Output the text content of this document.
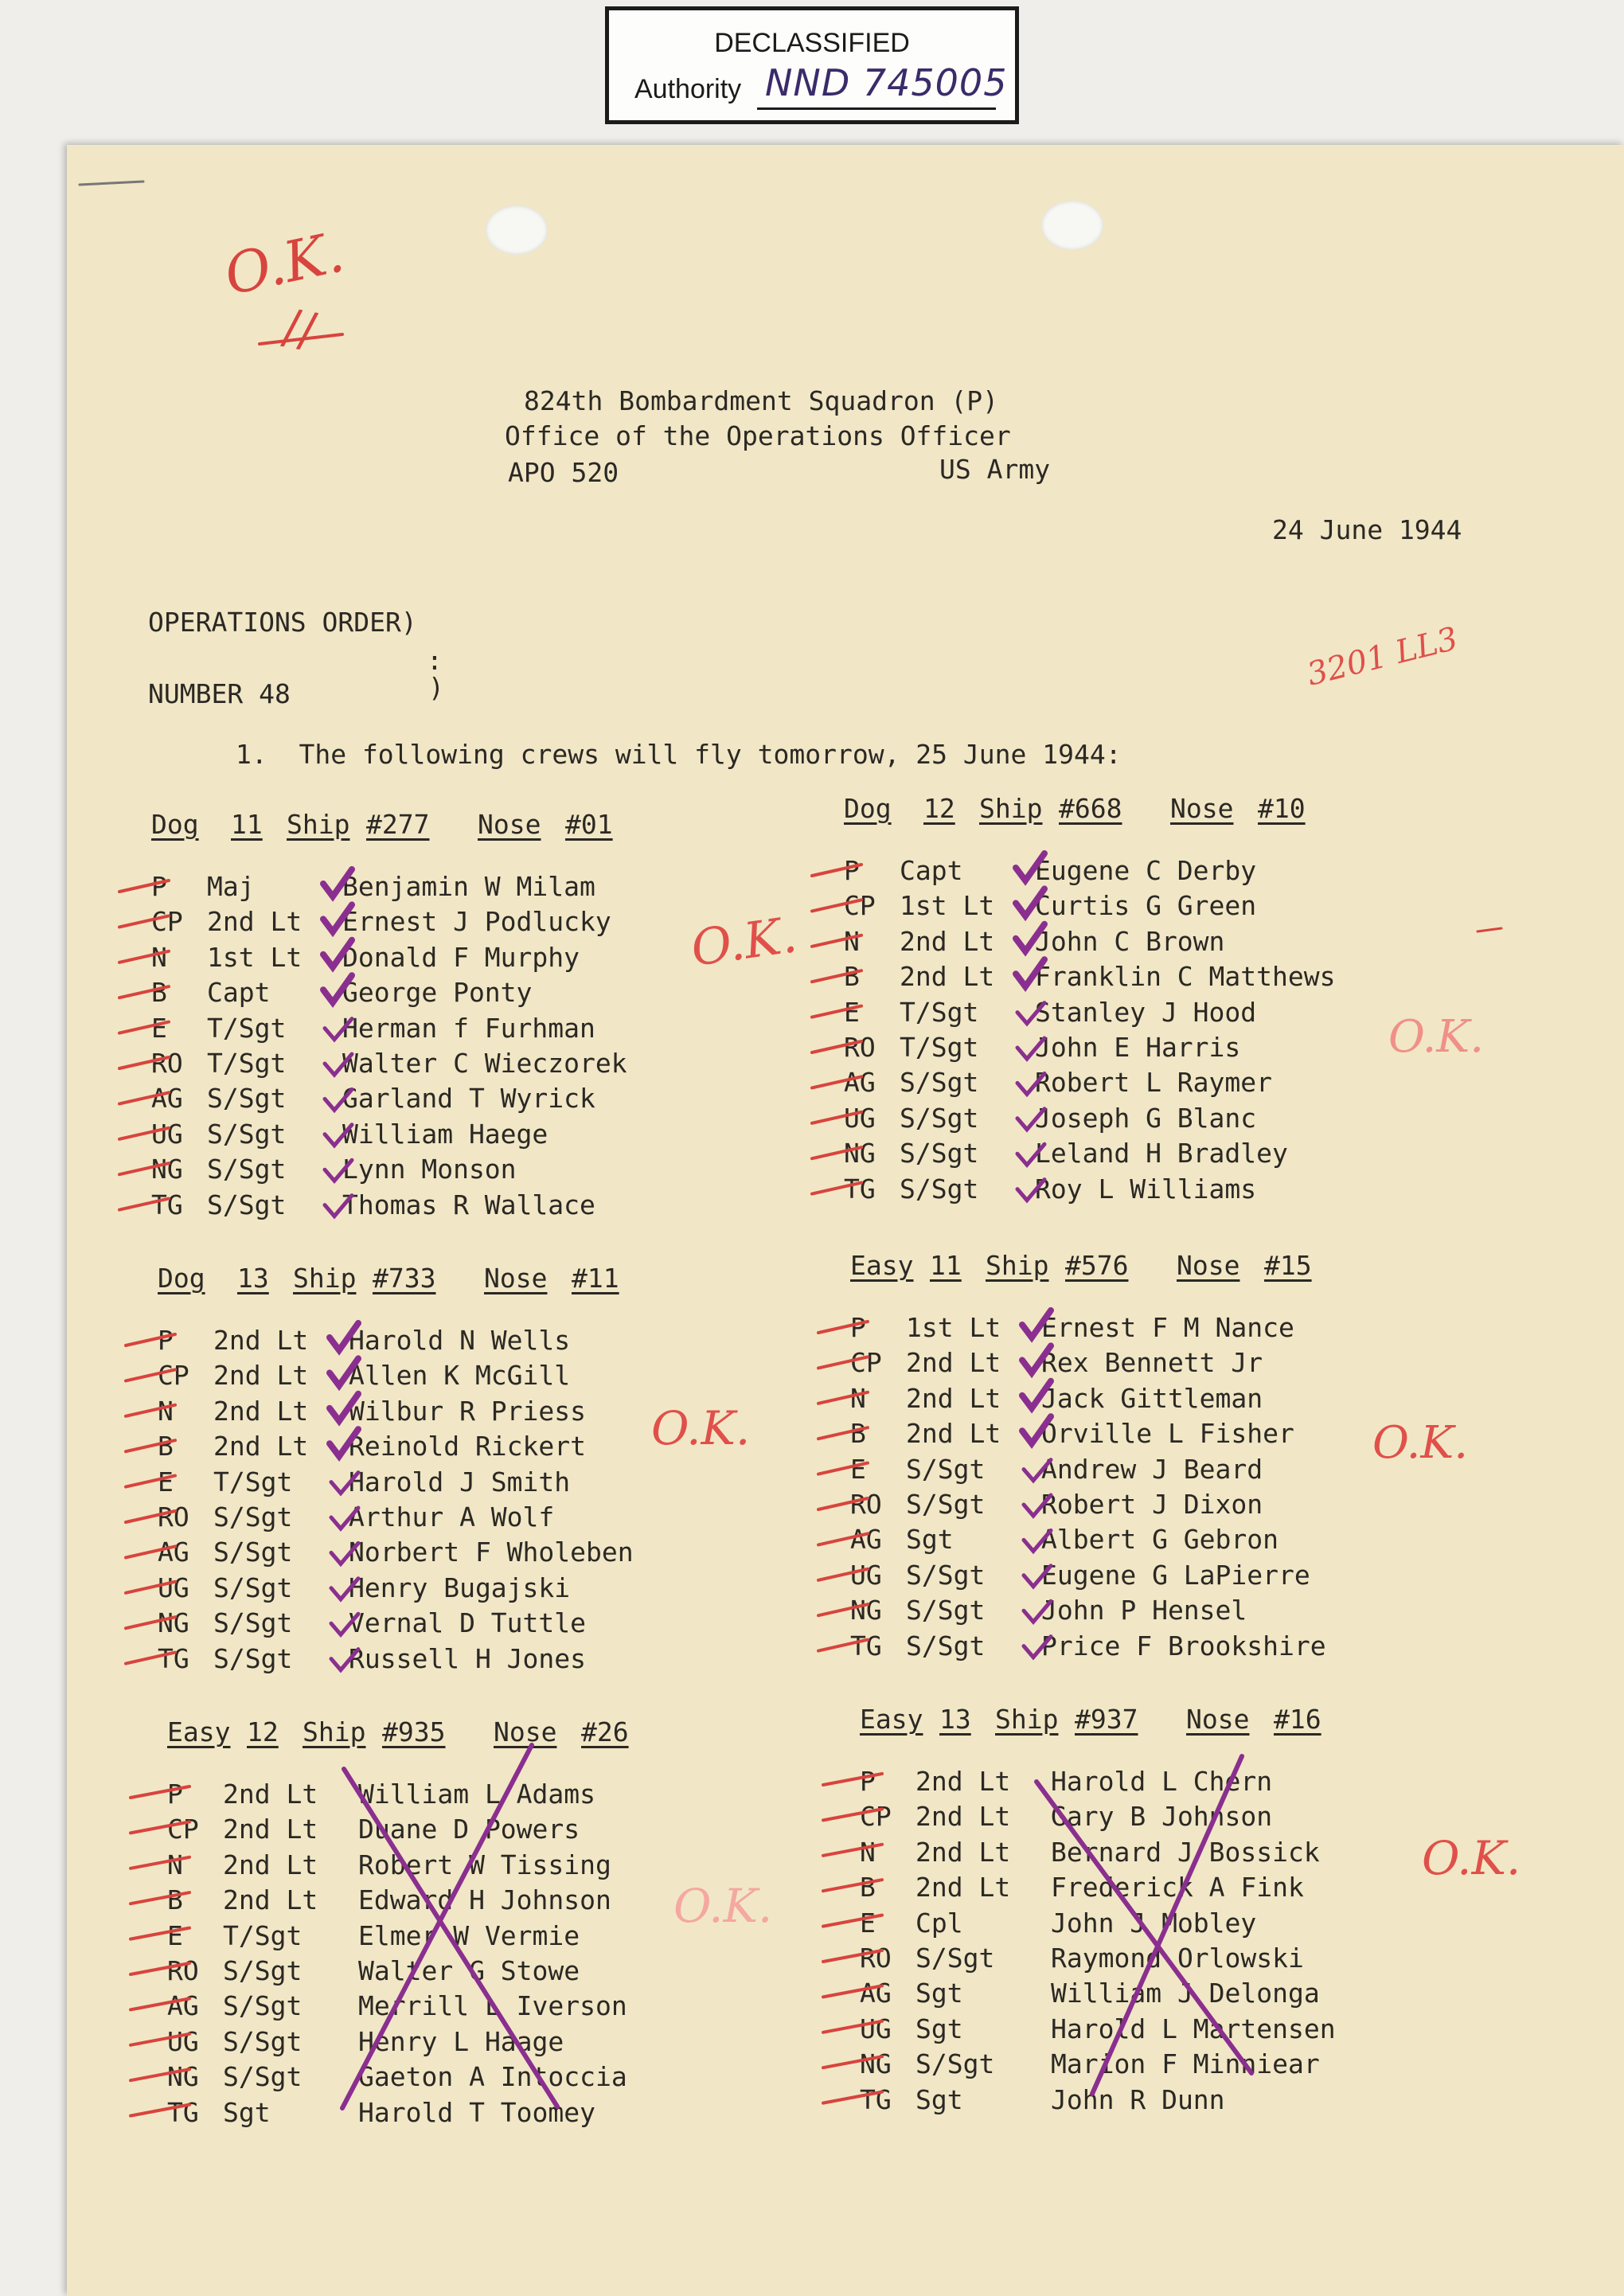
DECLASSIFIED
Authority NND 745005
824th Bombardment Squadron (P)
Office of the Operations Officer
APO 520	US Army
24 June 1944
OPERATIONS ORDER)
:
NUMBER 48	)
1.  The following crews will fly tomorrow, 25 June 1944:
Dog 11 Ship #277 Nose #01
P Maj	Benjamin W Milam
CP 2nd Lt Ernest J Podlucky
N 1st Lt Donald F Murphy
B Capt	George Ponty
E T/Sgt Herman f Furhman
RO T/Sgt Walter C Wieczorek
AG S/Sgt Garland T Wyrick
UG S/Sgt William Haege
NG S/Sgt Lynn Monson
TG S/Sgt Thomas R Wallace
Dog 12 Ship #668 Nose #10
P Capt	Eugene C Derby
CP 1st Lt Curtis G Green
N 2nd Lt John C Brown
B 2nd Lt Franklin C Matthews
E T/Sgt Stanley J Hood
RO T/Sgt John E Harris
AG S/Sgt Robert L Raymer
UG S/Sgt Joseph G Blanc
NG S/Sgt Leland H Bradley
TG S/Sgt Roy L Williams
Dog 13 Ship #733 Nose #11
P 2nd Lt Harold N Wells
CP 2nd Lt Allen K McGill
N 2nd Lt Wilbur R Priess
B 2nd Lt Reinold Rickert
E T/Sgt Harold J Smith
RO S/Sgt Arthur A Wolf
AG S/Sgt Norbert F Wholeben
UG S/Sgt Henry Bugajski
NG S/Sgt Vernal D Tuttle
TG S/Sgt Russell H Jones
Easy 11 Ship #576 Nose #15
P 1st Lt Ernest F M Nance
CP 2nd Lt Rex Bennett Jr
N 2nd Lt Jack Gittleman
B 2nd Lt Orville L Fisher
E S/Sgt Andrew J Beard
RO S/Sgt Robert J Dixon
AG Sgt	Albert G Gebron
UG S/Sgt Eugene G LaPierre
NG S/Sgt John P Hensel
TG S/Sgt Price F Brookshire
Easy 12 Ship #935 Nose #26
P 2nd Lt William L Adams
CP 2nd Lt Duane D Powers
N 2nd Lt Robert W Tissing
B 2nd Lt Edward H Johnson
E T/Sgt Elmer W Vermie
RO S/Sgt Walter G Stowe
AG S/Sgt Merrill L Iverson
UG S/Sgt Henry L Haage
NG S/Sgt Gaeton A Intoccia
TG Sgt	Harold T Toomey
Easy 13 Ship #937 Nose #16
P 2nd Lt Harold L Chern
CP 2nd Lt Gary B Johnson
N 2nd Lt Bernard J Bossick
B 2nd Lt Frederick A Fink
E Cpl	John J Mobley
RO S/Sgt Raymond Orlowski
AG Sgt	William J Delonga
UG Sgt	Harold L Martensen
NG S/Sgt Marion F Minniear
TG Sgt	John R Dunn
O.K.
//
3201 LL3
O.K.
O.K.
O.K.	O.K.
O.K.
O.K.
